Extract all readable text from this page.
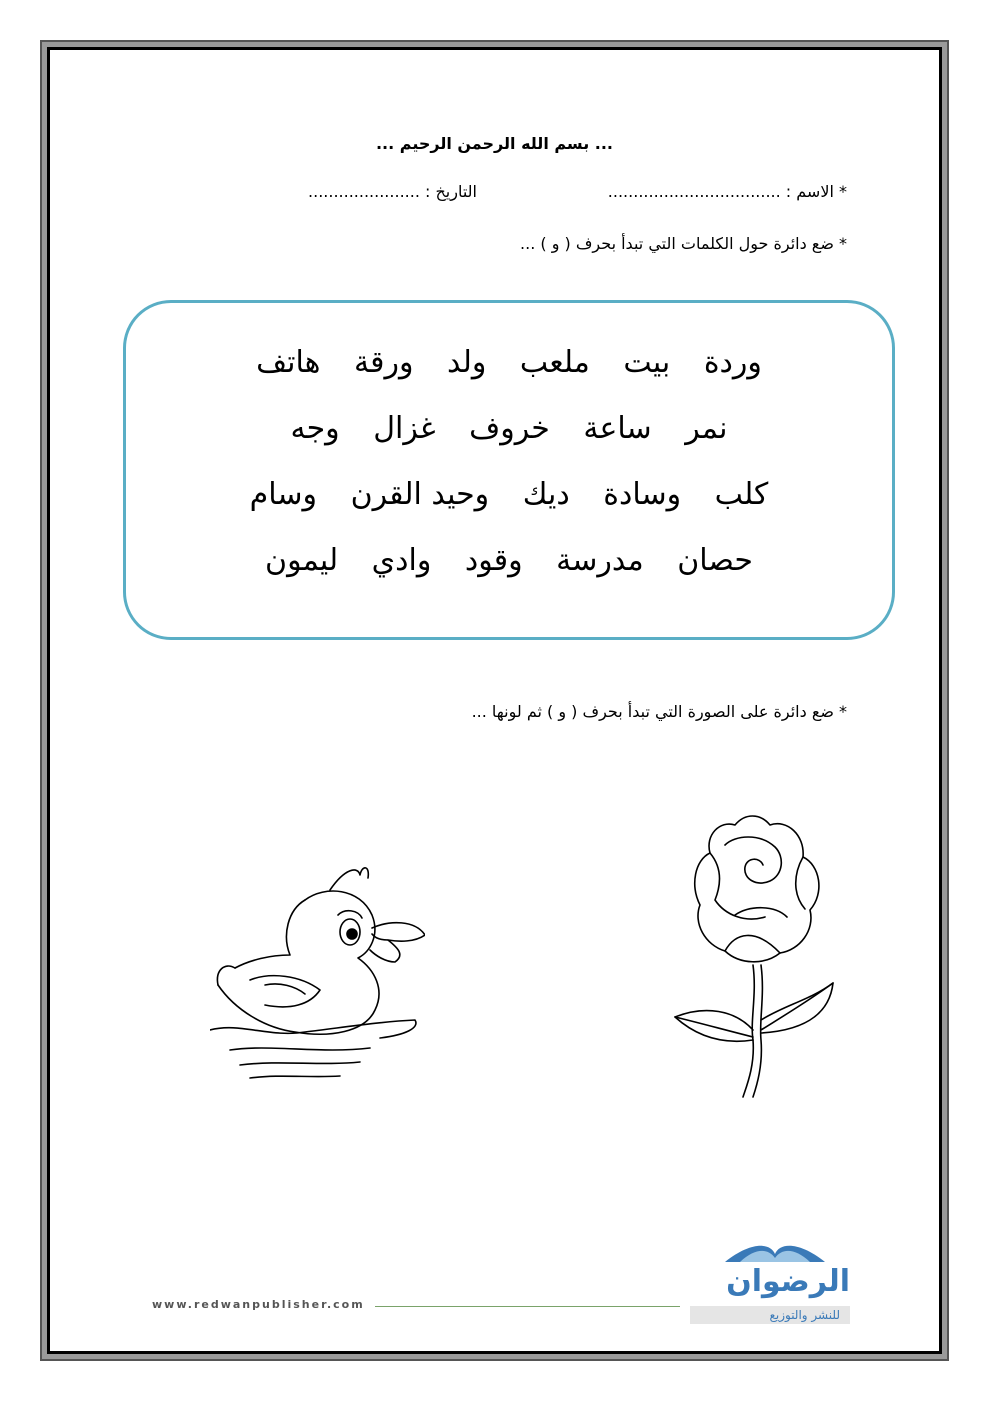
... بسم الله الرحمن الرحيم ...
* الاسم : ..................................
التاريخ : ......................
* ضع دائرة حول الكلمات التي تبدأ بحرف ( و ) ...
وردة بيت ملعب ولد ورقة هاتف
نمر ساعة خروف غزال وجه
كلب وسادة ديك وحيد القرن وسام
حصان مدرسة وقود وادي ليمون
* ضع دائرة على الصورة التي تبدأ بحرف ( و ) ثم لونها ...
www.redwanpublisher.com
الرضوان
للنشر والتوزيع
